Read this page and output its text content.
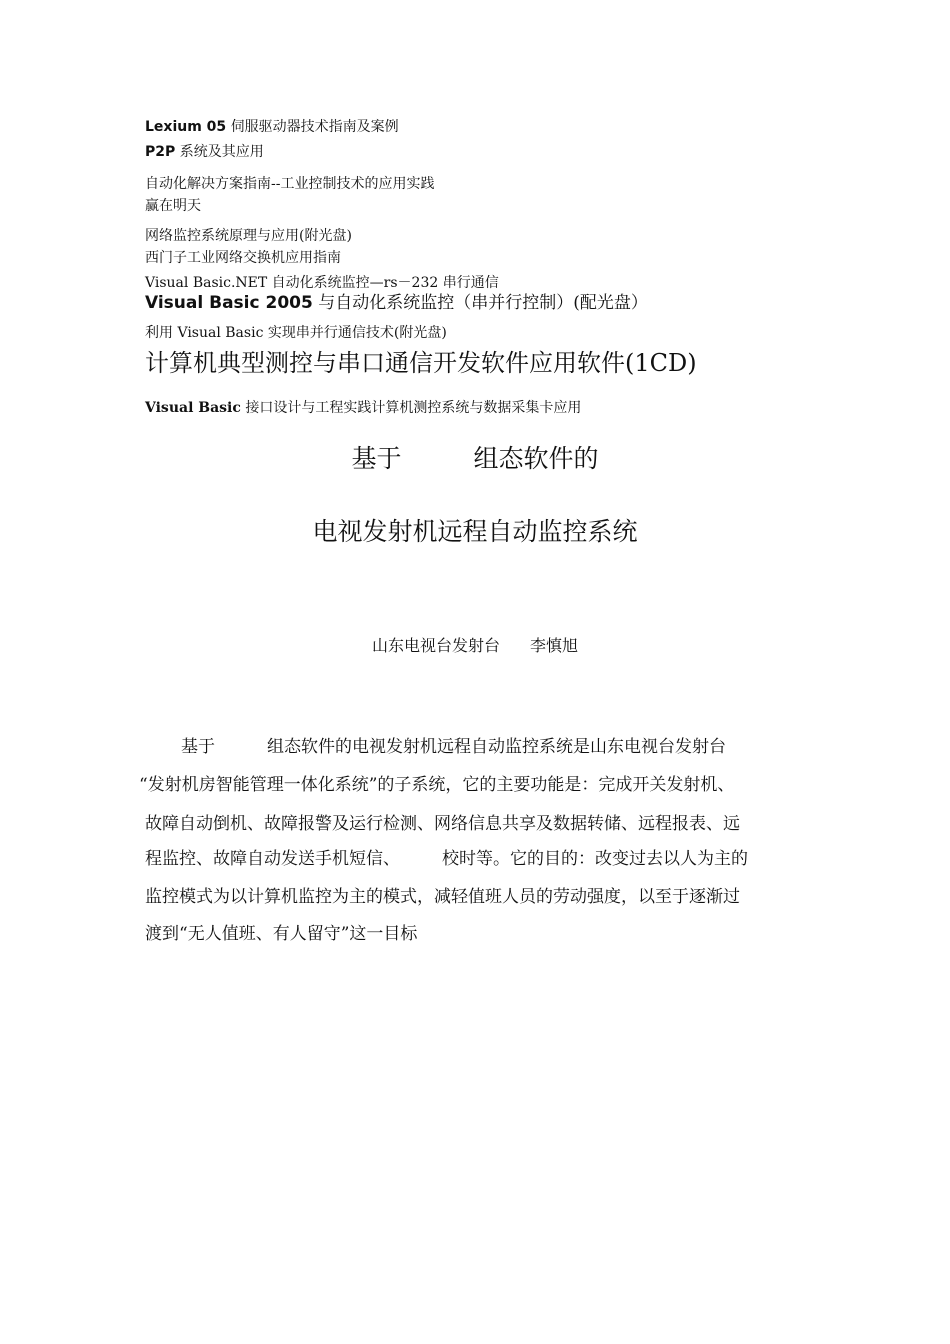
Lexium 05 伺服驱动器技术指南及案例
P2P 系统及其应用
自动化解决方案指南--工业控制技术的应用实践
赢在明天
网络监控系统原理与应用(附光盘)
西门子工业网络交换机应用指南
Visual Basic.NET 自动化系统监控—rs－232 串行通信
Visual Basic 2005 与自动化系统监控（串并行控制）(配光盘）
利用 Visual Basic 实现串并行通信技术(附光盘)
计算机典型测控与串口通信开发软件应用软件(1CD)
Visual Basic 接口设计与工程实践计算机测控系统与数据采集卡应用
基于	组态软件的
电视发射机远程自动监控系统
山东电视台发射台 李慎旭
基于	组态软件的电视发射机远程自动监控系统是山东电视台发射台
“发射机房智能管理一体化系统”的子系统，它的主要功能是：完成开关发射机、
故障自动倒机、故障报警及运行检测、网络信息共享及数据转储、远程报表、远
程监控、故障自动发送手机短信、 校时等。它的目的：改变过去以人为主的
监控模式为以计算机监控为主的模式，减轻值班人员的劳动强度，以至于逐渐过
渡到“无人值班、有人留守”这一目标
